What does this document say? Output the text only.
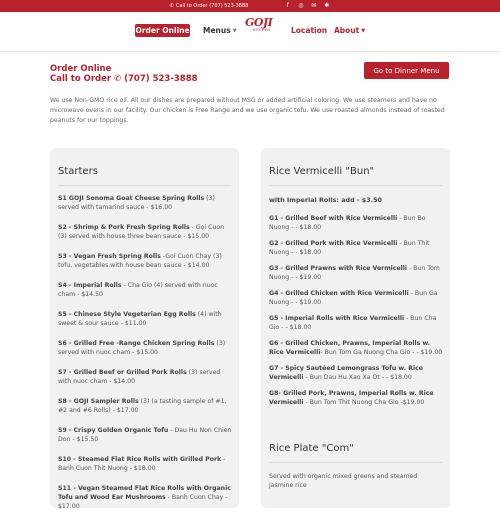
✆ Call to Order (707) 523-3888	f	◎ ✉ ✱
Order Online Menus ▼
GOJI
KITCHEN	Location About ▼
Order Online
Call to Order ✆ (707) 523-3888
Go to Dinner Menu

We use Non-GMO rice oil. All our dishes are prepared without MSG or added artificial coloring. We use steamers and have no microwave ovens in our facility. Our chicken is Free Range and we use organic tofu. We use roasted almonds instead of roasted peanuts for our toppings.

Starters
S1 GOJI Sonoma Goat Cheese Spring Rolls (3) served with tamarind sauce - $16.00
S2 - Shrimp & Pork Fresh Spring Rolls - Goi Cuon (3) served with house three bean sauce - $15.00
S3 - Vegan Fresh Spring Rolls -Goi Cuon Chay (3) tofu, vegetables with house bean sauce - $14.00
S4 - Imperial Rolls - Cha Gio (4) served with nuoc cham - $14.50
S5 - Chinese Style Vegetarian Egg Rolls (4) with sweet & sour sauce - $11.00
S6 - Grilled Free -Range Chicken Spring Rolls (3) served with nuoc cham - $15.00
S7 - Grilled Beef or Grilled Pork Rolls (3) served with nuoc cham - $14.00
S8 - GOJI Sampler Rolls (3) (a tasting sample of #1, #2 and #6 Rolls) - $17.00
S9 - Crispy Golden Organic Tofu - Dau Hu Non Chien Don - $15.50
S10 - Steamed Flat Rice Rolls with Grilled Pork - Banh Cuon Thit Nuong - $18.00
S11 - Vegan Steamed Flat Rice Rolls with Organic Tofu and Wood Ear Mushrooms - Banh Cuon Chay - $17.00
Rice Vermicelli "Bun"
with Imperial Rolls: add - $3.50
G1 - Grilled Beef with Rice Vermicelli - Bun Bo Nuong - - $18.00
G2 - Grilled Pork with Rice Vermicelli - Bun Thit Nuong - - $18.00
G3 - Grilled Prawns with Rice Vermicelli - Bun Tom Nuong - - $19.00
G4 - Grilled Chicken with Rice Vermicelli - Bun Ga Nuong - - $19.00
G5 - Imperial Rolls with Rice Vermicelli - Bun Cha Gio - - $18.00
G6 - Grilled Chicken, Prawns, Imperial Rolls w. Rice Vermicelli- Bun Tom Ga Nuong Cha Gio - - $19.00
G7 - Spicy Sautéed Lemongrass Tofu w. Rice Vermicelli - Bun Dau Hu Xao Xa Ot - - $18.00
G8- Grilled Pork, Prawns, Imperial Rolls w. Rice Vermicelli - Bun Tom Thit Nuong Cha Gio -$19.00
Rice Plate "Com"
Served with organic mixed greens and steamed jasmine rice
